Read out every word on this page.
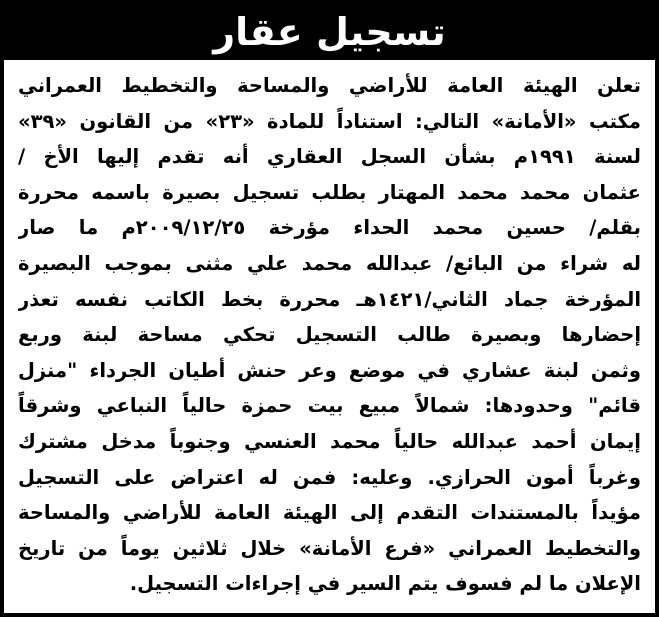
تسجيل عقار
تعلن الهيئة العامة للأراضي والمساحة والتخطيط العمراني
مكتب «الأمانة» التالي: استناداً للمادة «٢٣» من القانون «٣٩»
لسنة ١٩٩١م بشأن السجل العقاري أنه تقدم إليها الأخ /
عثمان محمد محمد المهتار بطلب تسجيل بصيرة باسمه محررة
بقلم/ حسين محمد الحداء مؤرخة ٢٠٠٩/١٢/٢٥م ما صار
له شراء من البائع/ عبدالله محمد علي مثنى بموجب البصيرة
المؤرخة جماد الثاني/١٤٢١هـ محررة بخط الكاتب نفسه تعذر
إحضارها وبصيرة طالب التسجيل تحكي مساحة لبنة وربع
وثمن لبنة عشاري في موضع وعر حنش أطيان الجرداء "منزل
قائم" وحدودها: شمالاً مبيع بيت حمزة حالياً النباعي وشرقاً
إيمان أحمد عبدالله حالياً محمد العنسي وجنوباً مدخل مشترك
وغرباً أمون الحرازي. وعليه: فمن له اعتراض على التسجيل
مؤيداً بالمستندات التقدم إلى الهيئة العامة للأراضي والمساحة
والتخطيط العمراني «فرع الأمانة» خلال ثلاثين يوماً من تاريخ
الإعلان ما لم فسوف يتم السير في إجراءات التسجيل.
